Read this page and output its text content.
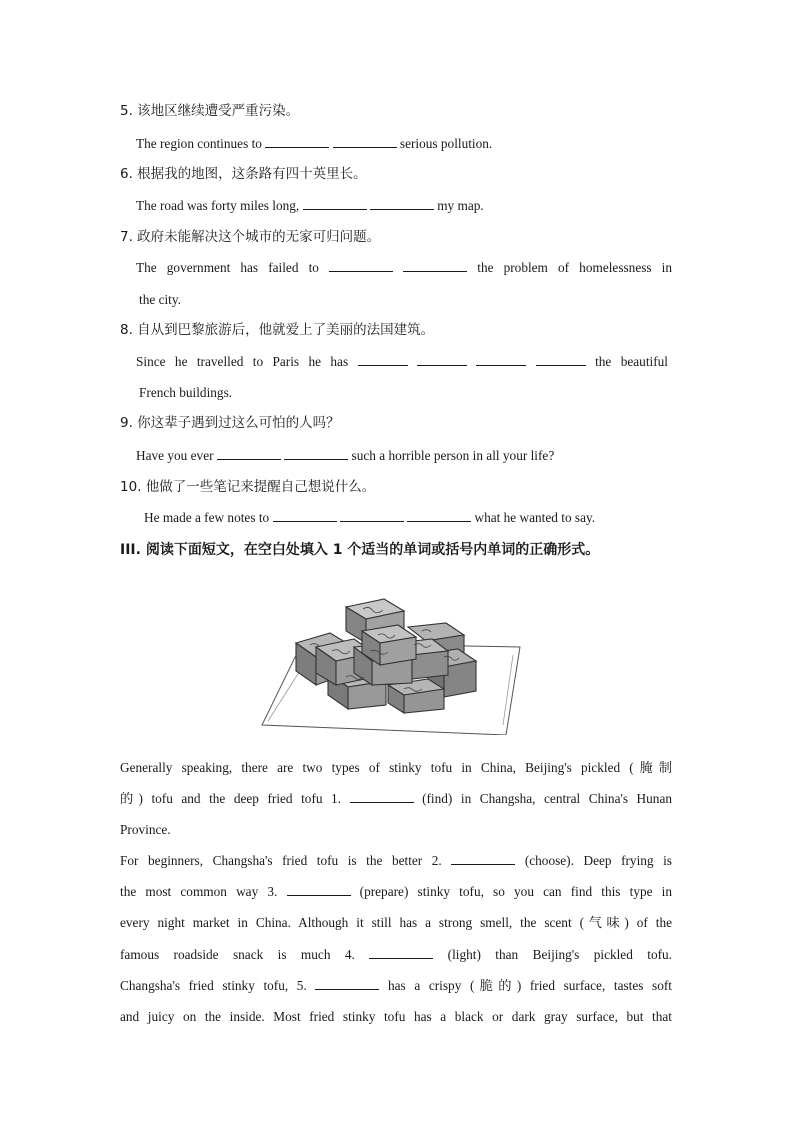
5. 该地区继续遭受严重污染。
The region continues to	serious pollution.
6. 根据我的地图，这条路有四十英里长。
The road was forty miles long,	my map.
7. 政府未能解决这个城市的无家可归问题。
The government has failed to	the problem of homelessness in
the city.
8. 自从到巴黎旅游后，他就爱上了美丽的法国建筑。
Since he travelled to Paris he has	the beautiful
French buildings.
9. 你这辈子遇到过这么可怕的人吗？
Have you ever	such a horrible person in all your life?
10. 他做了一些笔记来提醒自己想说什么。
He made a few notes to	what he wanted to say.
III. 阅读下面短文，在空白处填入 1 个适当的单词或括号内单词的正确形式。
Generally speaking, there are two types of stinky tofu in China, Beijing's pickled (腌制
的) tofu and the deep fried tofu 1.	(find) in Changsha, central China's Hunan
Province.
For beginners, Changsha's fried tofu is the better 2.	(choose). Deep frying is
the most common way 3.	(prepare) stinky tofu, so you can find this type in
every night market in China. Although it still has a strong smell, the scent (气味) of the
famous roadside snack is much 4.	(light) than Beijing's pickled tofu.
Changsha's fried stinky tofu, 5.	has a crispy (脆的) fried surface, tastes soft
and juicy on the inside. Most fried stinky tofu has a black or dark gray surface, but that
